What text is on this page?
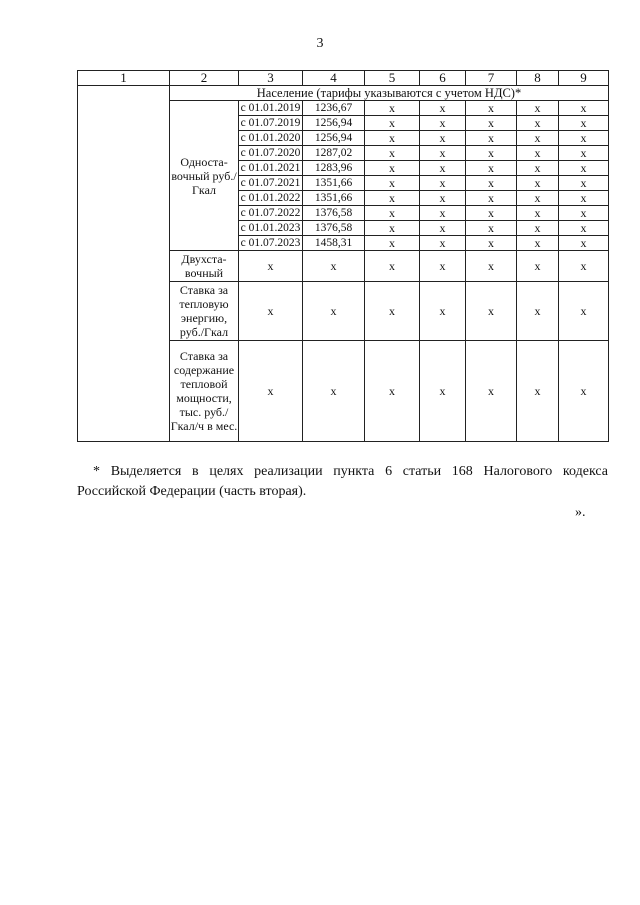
3
1	2	3	4	5	6	7	8	9
	Население (тарифы указываются с учетом НДС)*							
	Односта-вочный руб./Гкал	с 01.01.2019	1236,67	x	x	x	x	x
		с 01.07.2019	1256,94	x	x	x	x	x
		с 01.01.2020	1256,94	x	x	x	x	x
		с 01.07.2020	1287,02	x	x	x	x	x
		с 01.01.2021	1283,96	x	x	x	x	x
		с 01.07.2021	1351,66	x	x	x	x	x
		с 01.01.2022	1351,66	x	x	x	x	x
		с 01.07.2022	1376,58	x	x	x	x	x
		с 01.01.2023	1376,58	x	x	x	x	x
		с 01.07.2023	1458,31	x	x	x	x	x
	Двухста-вочный	x	x	x	x	x	x	x
	Ставка за тепловую энергию, руб./Гкал	x	x	x	x	x	x	x
	Ставка за содержание тепловой мощности, тыс. руб./ Гкал/ч в мес.	x	x	x	x	x	x	x
* Выделяется в целях реализации пункта 6 статьи 168 Налогового кодекса Российской Федерации (часть вторая).
».
